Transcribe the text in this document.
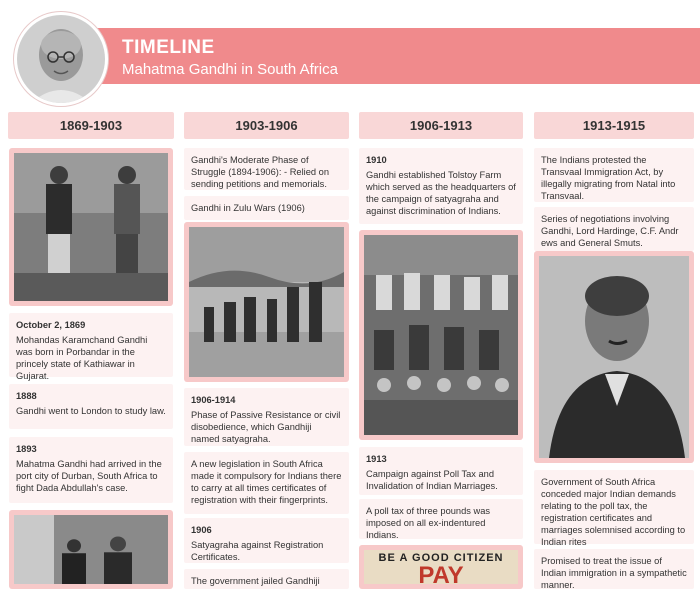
TIMELINE
Mahatma Gandhi in South Africa
1869-1903	1903-1906	1906-1913	1913-1915
October 2, 1869
Mohandas Karamchand Gandhi was born in Porbandar in the princely state of Kathiawar in Gujarat.
1888
Gandhi went to London to study law.
1893
Mahatma Gandhi had arrived in the port city of Durban, South Africa to fight Dada Abdullah's case.
Gandhi's Moderate Phase of Struggle (1894-1906): - Relied on sending petitions and memorials.
Gandhi in Zulu Wars (1906)
1906-1914
Phase of Passive Resistance or civil disobedience, which Gandhiji named satyagraha.
A new legislation in South Africa made it compulsory for Indians there to carry at all times certificates of registration with their fingerprints.
1906
Satyagraha against Registration Certificates.
The government jailed Gandhiji
1910
Gandhi established Tolstoy Farm which served as the headquarters of the campaign of satyagraha and against discrimination of Indians.
1913
Campaign against Poll Tax and Invalidation of Indian Marriages.
A poll tax of three pounds was imposed on all ex-indentured Indians.
BE A GOOD CITIZEN
PAY
The Indians protested the Transvaal Immigration Act, by illegally migrating from Natal into Transvaal.
Series of negotiations involving Gandhi, Lord Hardinge, C.F. Andr ews and General Smuts.
Government of South Africa conceded major Indian demands relating to the poll tax, the registration certificates and marriages solemnised according to Indian rites
Promised to treat the issue of Indian immigration in a sympathetic manner.
